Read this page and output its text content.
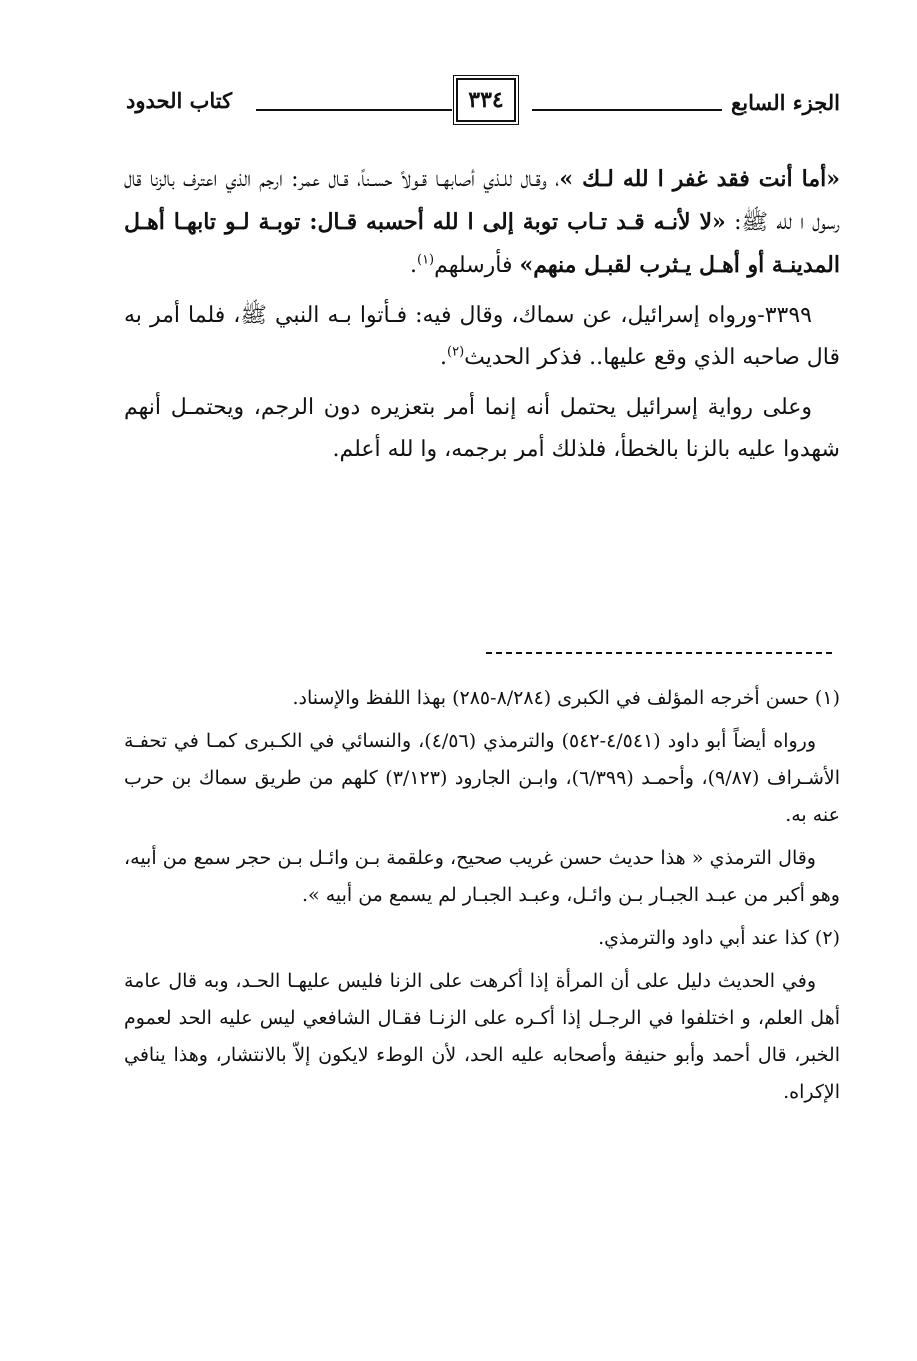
الجزء السابع
٣٣٤
كتاب الحدود

«أما أنت فقد غفر ا لله لـك »، وقـال للـذي أصابهـا قـولاً حسـناً، قـال عمر: ارجم الذي اعترف بالزنا قال رسول ا لله ﷺ: «لا لأنـه قـد تـاب توبة إلى ا لله أحسبه قـال: توبـة لـو تابهـا أهـل المدينـة أو أهـل يـثرب لقبـل منهم» فأرسلهم$^{(١)}$.

٣٣٩٩-ورواه إسرائيل، عن سماك، وقال فيه: فـأتوا بـه النبي ﷺ، فلما أمر به قال صاحبه الذي وقع عليها.. فذكر الحديث$^{(٢)}$.

وعلى رواية إسرائيل يحتمل أنه إنما أمر بتعزيره دون الرجم، ويحتمـل أنهم شهدوا عليه بالزنا بالخطأ، فلذلك أمر برجمه، وا لله أعلم.

(١) حسن أخرجه المؤلف في الكبرى (٨/٢٨٤-٢٨٥) بهذا اللفظ والإسناد.

ورواه أيضاً أبو داود (٤/٥٤١-٥٤٢) والترمذي (٤/٥٦)، والنسائي في الكـبرى كمـا في تحفـة الأشـراف (٩/٨٧)، وأحمـد (٦/٣٩٩)، وابـن الجارود (٣/١٢٣) كلهم من طريق سماك بن حرب عنه به.

وقال الترمذي « هذا حديث حسن غريب صحيح، وعلقمة بـن وائـل بـن حجر سمع من أبيه، وهو أكبر من عبـد الجبـار بـن وائـل، وعبـد الجبـار لم يسمع من أبيه ».

(٢) كذا عند أبي داود والترمذي.

وفي الحديث دليل على أن المرأة إذا أكرهت على الزنا فليس عليهـا الحـد، وبه قال عامة أهل العلم، و اختلفوا في الرجـل إذا أكـره على الزنـا فقـال الشافعي ليس عليه الحد لعموم الخبر، قال أحمد وأبو حنيفة وأصحابه عليه الحد، لأن الوطء لايكون إلاّ بالانتشار، وهذا ينافي الإكراه.
